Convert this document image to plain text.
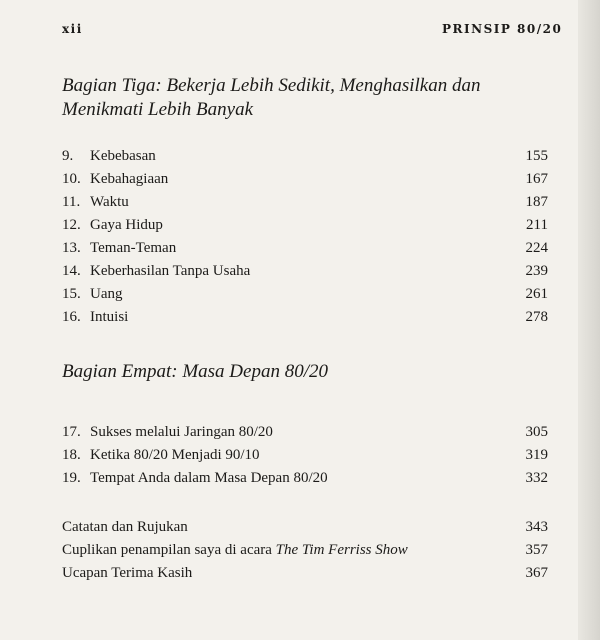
xii	PRINSIP 80/20
Bagian Tiga: Bekerja Lebih Sedikit, Menghasilkan dan
Menikmati Lebih Banyak
9. Kebebasan	155
10. Kebahagiaan	167
11. Waktu	187
12. Gaya Hidup	211
13. Teman-Teman	224
14. Keberhasilan Tanpa Usaha	239
15. Uang	261
16. Intuisi	278
Bagian Empat: Masa Depan 80/20
17. Sukses melalui Jaringan 80/20	305
18. Ketika 80/20 Menjadi 90/10	319
19. Tempat Anda dalam Masa Depan 80/20	332
Catatan dan Rujukan	343
Cuplikan penampilan saya di acara The Tim Ferriss Show	357
Ucapan Terima Kasih	367
